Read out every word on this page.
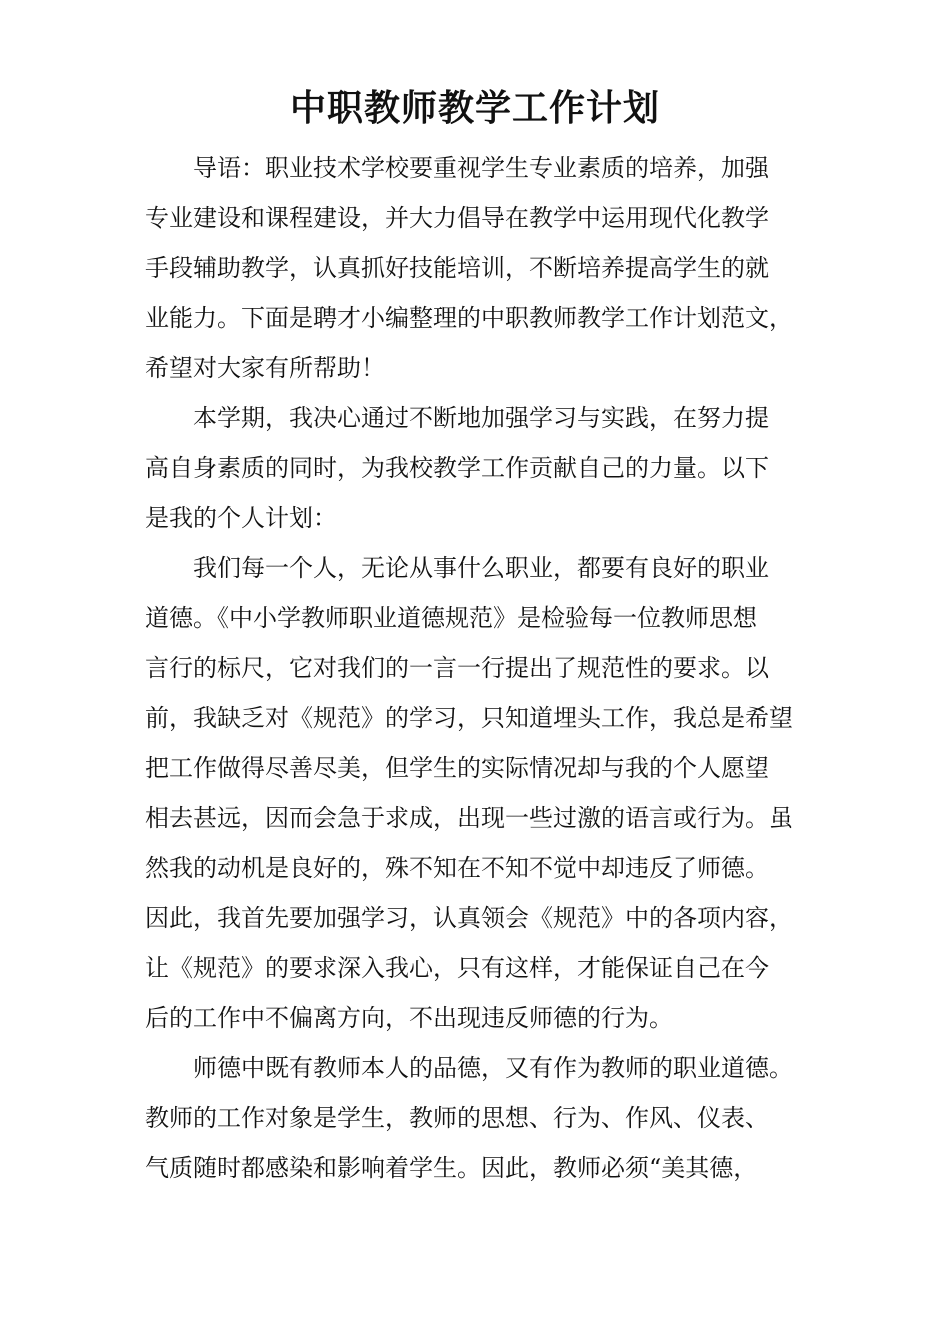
中职教师教学工作计划
导语：职业技术学校要重视学生专业素质的培养，加强
专业建设和课程建设，并大力倡导在教学中运用现代化教学
手段辅助教学，认真抓好技能培训，不断培养提高学生的就
业能力。下面是聘才小编整理的中职教师教学工作计划范文，
希望对大家有所帮助！
本学期，我决心通过不断地加强学习与实践，在努力提
高自身素质的同时，为我校教学工作贡献自己的力量。以下
是我的个人计划：
我们每一个人，无论从事什么职业，都要有良好的职业
道德。《中小学教师职业道德规范》是检验每一位教师思想
言行的标尺，它对我们的一言一行提出了规范性的要求。以
前，我缺乏对《规范》的学习，只知道埋头工作，我总是希望
把工作做得尽善尽美，但学生的实际情况却与我的个人愿望
相去甚远，因而会急于求成，出现一些过激的语言或行为。虽
然我的动机是良好的，殊不知在不知不觉中却违反了师德。
因此，我首先要加强学习，认真领会《规范》中的各项内容，
让《规范》的要求深入我心，只有这样，才能保证自己在今
后的工作中不偏离方向，不出现违反师德的行为。
师德中既有教师本人的品德，又有作为教师的职业道德。
教师的工作对象是学生，教师的思想、行为、作风、仪表、
气质随时都感染和影响着学生。因此，教师必须“美其德，
